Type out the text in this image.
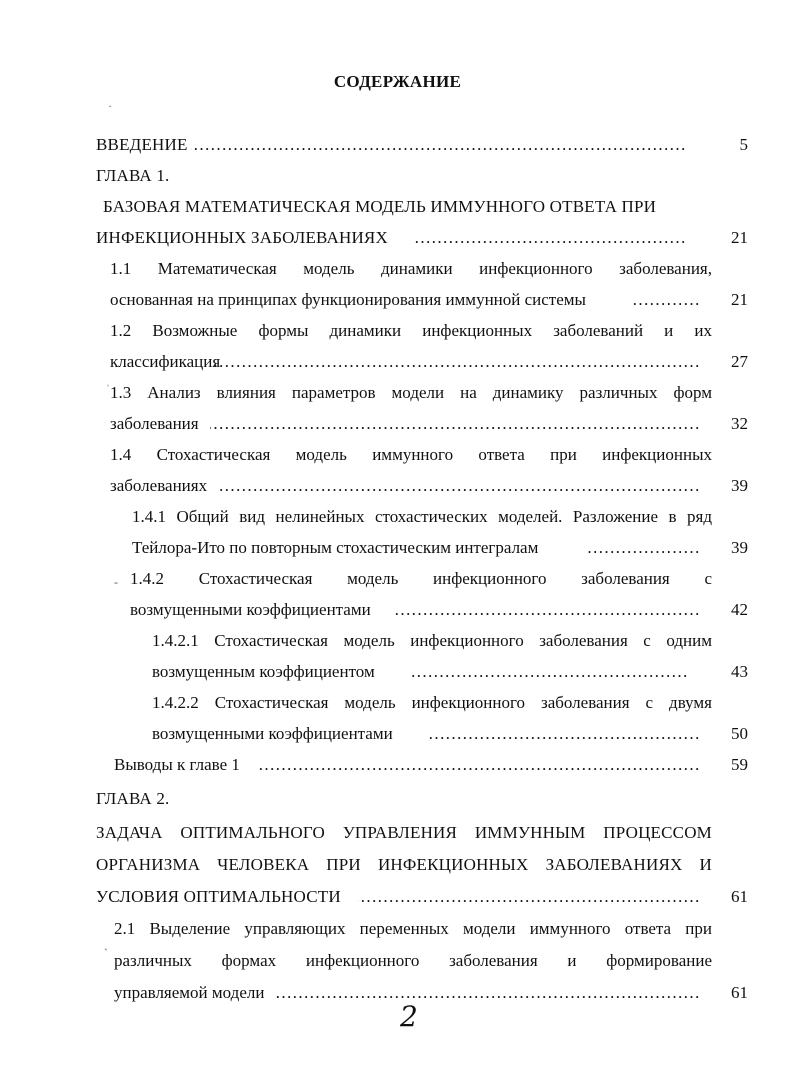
СОДЕРЖАНИЕ
ВВЕДЕНИЕ …………………………………………………………………………………………………………………………………………………………………………………	5
ГЛАВА 1.
БАЗОВАЯ МАТЕМАТИЧЕСКАЯ МОДЕЛЬ ИММУННОГО ОТВЕТА ПРИ
ИНФЕКЦИОННЫХ ЗАБОЛЕВАНИЯХ …………………………………………………………………………………………………………………………………………………………………………………	21
1.1 Математическая модель динамики инфекционного заболевания,
основанная на принципах функционирования иммунной системы …………………………………………………………………………………………………………………………………………………………………………………	21
1.2 Возможные формы динамики инфекционных заболеваний и их
классификация …………………………………………………………………………………………………………………………………………………………………………………	27
1.3 Анализ влияния параметров модели на динамику различных форм
заболевания …………………………………………………………………………………………………………………………………………………………………………………	32
1.4 Стохастическая модель иммунного ответа при инфекционных
заболеваниях …………………………………………………………………………………………………………………………………………………………………………………	39
1.4.1 Общий вид нелинейных стохастических моделей. Разложение в ряд
Тейлора-Ито по повторным стохастическим интегралам …………………………………………………………………………………………………………………………………………………………………………………	39
1.4.2 Стохастическая модель инфекционного заболевания с
возмущенными коэффициентами …………………………………………………………………………………………………………………………………………………………………………………	42
1.4.2.1 Стохастическая модель инфекционного заболевания с одним
возмущенным коэффициентом …………………………………………………………………………………………………………………………………………………………………………………	43
1.4.2.2 Стохастическая модель инфекционного заболевания с двумя
возмущенными коэффициентами …………………………………………………………………………………………………………………………………………………………………………………	50
Выводы к главе 1 …………………………………………………………………………………………………………………………………………………………………………………	59
ГЛАВА 2.
ЗАДАЧА ОПТИМАЛЬНОГО УПРАВЛЕНИЯ ИММУННЫМ ПРОЦЕССОМ
ОРГАНИЗМА ЧЕЛОВЕКА ПРИ ИНФЕКЦИОННЫХ ЗАБОЛЕВАНИЯХ И
УСЛОВИЯ ОПТИМАЛЬНОСТИ …………………………………………………………………………………………………………………………………………………………………………………	61
2.1 Выделение управляющих переменных модели иммунного ответа при
различных формах инфекционного заболевания и формирование
управляемой модели …………………………………………………………………………………………………………………………………………………………………………………	61
2
·
ˈ
-
ˏ
